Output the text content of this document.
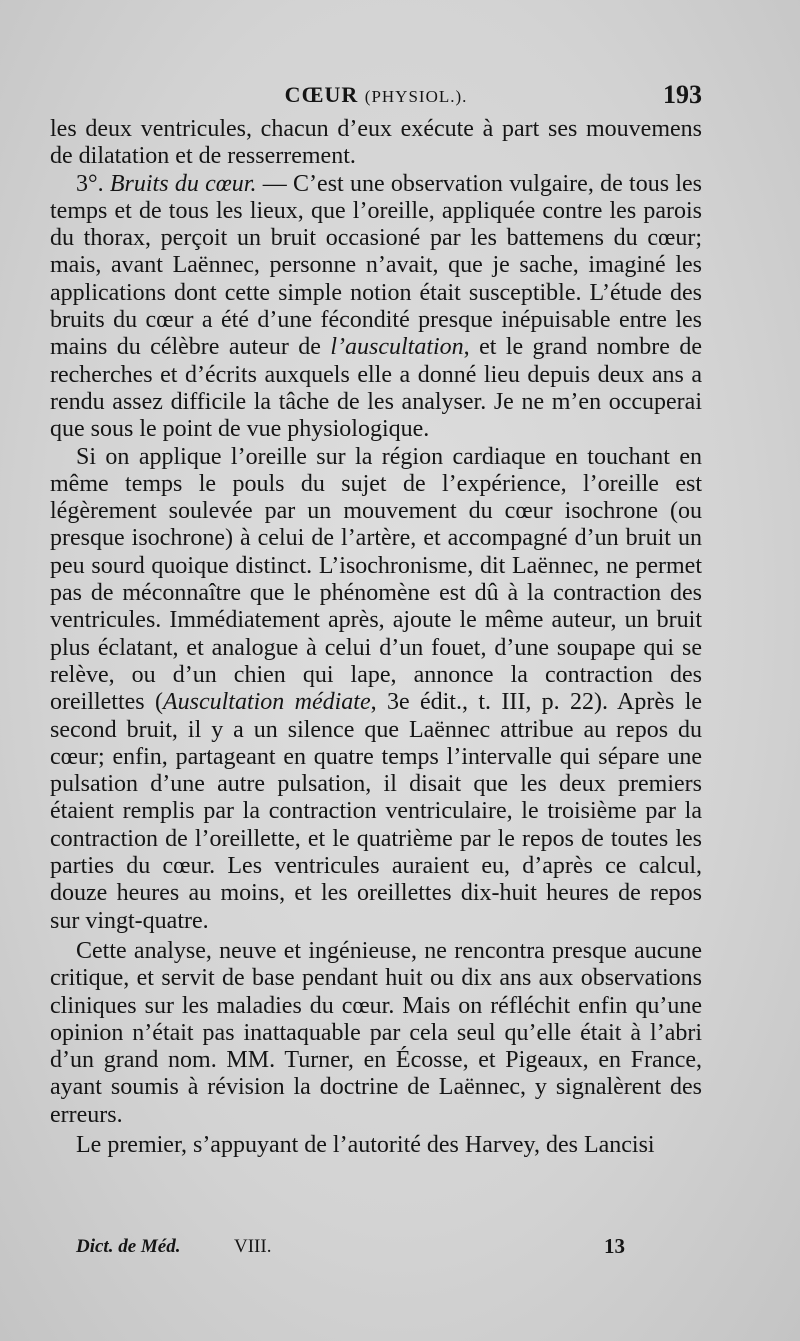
CŒUR (PHYSIOL.).	193

les deux ventricules, chacun d’eux exécute à part ses mouvemens de dilatation et de resserrement.

3°. Bruits du cœur. — C’est une observation vulgaire, de tous les temps et de tous les lieux, que l’oreille, appliquée contre les parois du thorax, perçoit un bruit occasioné par les battemens du cœur; mais, avant Laënnec, personne n’avait, que je sache, imaginé les applications dont cette simple notion était susceptible. L’étude des bruits du cœur a été d’une fécondité presque inépuisable entre les mains du célèbre auteur de l’auscultation, et le grand nombre de recherches et d’écrits auxquels elle a donné lieu depuis deux ans a rendu assez difficile la tâche de les analyser. Je ne m’en occuperai que sous le point de vue physiologique.

Si on applique l’oreille sur la région cardiaque en touchant en même temps le pouls du sujet de l’expérience, l’oreille est légèrement soulevée par un mouvement du cœur isochrone (ou presque isochrone) à celui de l’artère, et accompagné d’un bruit un peu sourd quoique distinct. L’isochronisme, dit Laënnec, ne permet pas de méconnaître que le phénomène est dû à la contraction des ventricules. Immédiatement après, ajoute le même auteur, un bruit plus éclatant, et analogue à celui d’un fouet, d’une soupape qui se relève, ou d’un chien qui lape, annonce la contraction des oreillettes (Auscultation médiate, 3e édit., t. III, p. 22). Après le second bruit, il y a un silence que Laënnec attribue au repos du cœur; enfin, partageant en quatre temps l’intervalle qui sépare une pulsation d’une autre pulsation, il disait que les deux premiers étaient remplis par la contraction ventriculaire, le troisième par la contraction de l’oreillette, et le quatrième par le repos de toutes les parties du cœur. Les ventricules auraient eu, d’après ce calcul, douze heures au moins, et les oreillettes dix-huit heures de repos sur vingt-quatre.

Cette analyse, neuve et ingénieuse, ne rencontra presque aucune critique, et servit de base pendant huit ou dix ans aux observations cliniques sur les maladies du cœur. Mais on réfléchit enfin qu’une opinion n’était pas inattaquable par cela seul qu’elle était à l’abri d’un grand nom. MM. Turner, en Écosse, et Pigeaux, en France, ayant soumis à révision la doctrine de Laënnec, y signalèrent des erreurs.

Le premier, s’appuyant de l’autorité des Harvey, des Lancisi

Dict. de Méd.	VIII.	13
